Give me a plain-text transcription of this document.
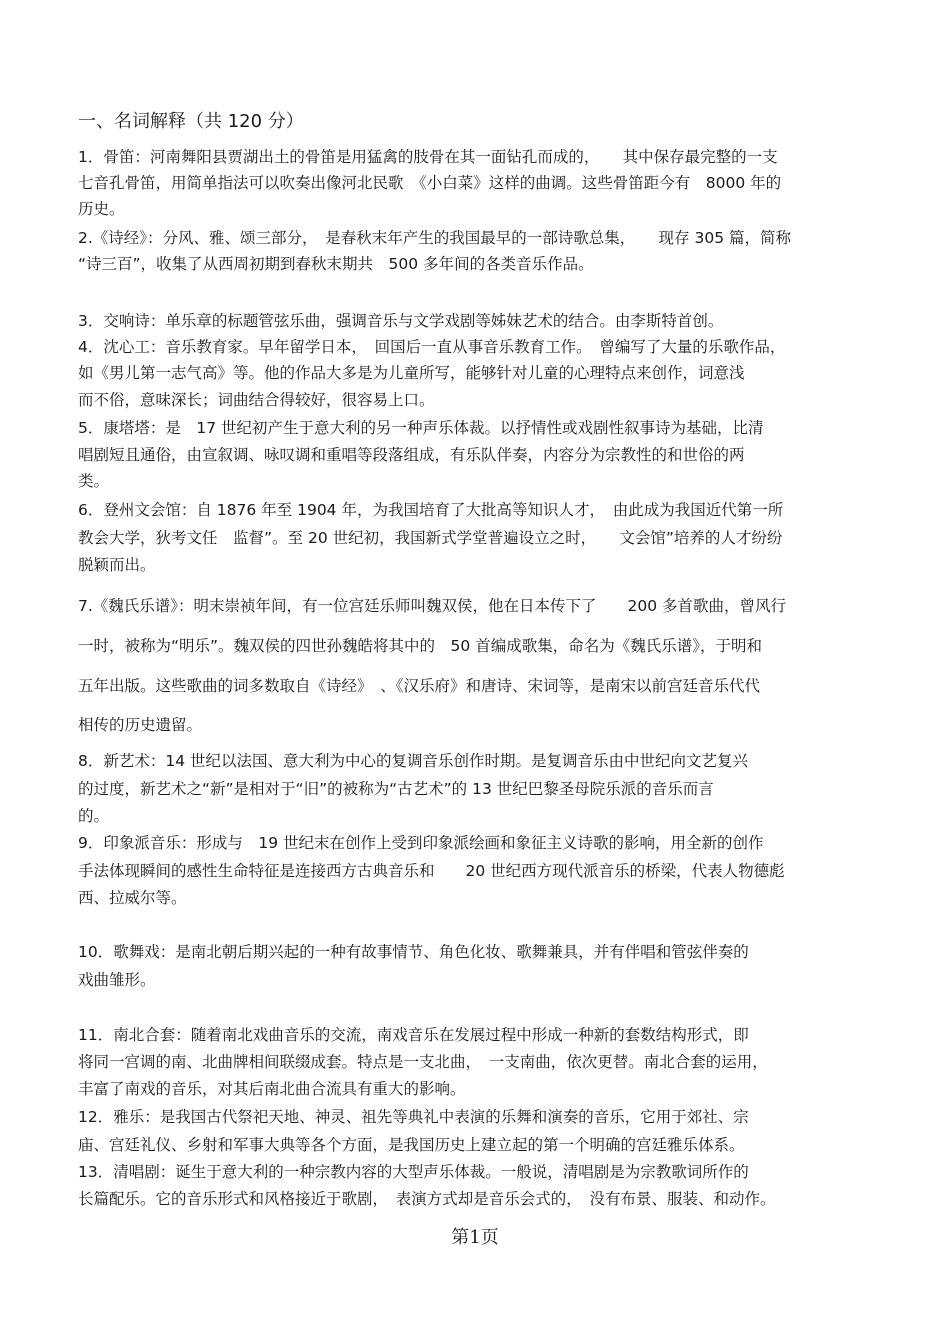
一、名词解释（共 120 分）
1．骨笛：河南舞阳县贾湖出土的骨笛是用猛禽的肢骨在其一面钻孔而成的，　　其中保存最完整的一支
七音孔骨笛，用简单指法可以吹奏出像河北民歌　《小白菜》这样的曲调。这些骨笛距今有　8000 年的
历史。
2.《诗经》：分风、雅、颂三部分，　是春秋末年产生的我国最早的一部诗歌总集，　　现存 305 篇，简称
“诗三百”，收集了从西周初期到春秋末期共　500 多年间的各类音乐作品。
3．交响诗：单乐章的标题管弦乐曲，强调音乐与文学戏剧等姊妹艺术的结合。由李斯特首创。
4．沈心工：音乐教育家。早年留学日本，　回国后一直从事音乐教育工作。　曾编写了大量的乐歌作品，
如《男儿第一志气高》等。他的作品大多是为儿童所写，能够针对儿童的心理特点来创作，词意浅
而不俗，意味深长；词曲结合得较好，很容易上口。
5．康塔塔：是　17 世纪初产生于意大利的另一种声乐体裁。以抒情性或戏剧性叙事诗为基础，比清
唱剧短且通俗，由宣叙调、咏叹调和重唱等段落组成，有乐队伴奏，内容分为宗教性的和世俗的两
类。
6．登州文会馆：自 1876 年至 1904 年，为我国培育了大批高等知识人才，　由此成为我国近代第一所
教会大学，狄考文任　监督”。至 20 世纪初，我国新式学堂普遍设立之时，　　文会馆”培养的人才纷纷
脱颖而出。
7.《魏氏乐谱》：明末崇祯年间，有一位宫廷乐师叫魏双侯，他在日本传下了　　200 多首歌曲，曾风行
一时，被称为“明乐”。魏双侯的四世孙魏皓将其中的　50 首编成歌集，命名为《魏氏乐谱》，于明和
五年出版。这些歌曲的词多数取自《诗经》　、《汉乐府》和唐诗、宋词等，是南宋以前宫廷音乐代代
相传的历史遗留。
8．新艺术：14 世纪以法国、意大利为中心的复调音乐创作时期。是复调音乐由中世纪向文艺复兴
的过度，新艺术之“新”是相对于“旧”的被称为“古艺术”的 13 世纪巴黎圣母院乐派的音乐而言
的。
9．印象派音乐：形成与　19 世纪末在创作上受到印象派绘画和象征主义诗歌的影响，用全新的创作
手法体现瞬间的感性生命特征是连接西方古典音乐和　　20 世纪西方现代派音乐的桥梁，代表人物德彪
西、拉威尔等。
10．歌舞戏：是南北朝后期兴起的一种有故事情节、角色化妆、歌舞兼具，并有伴唱和管弦伴奏的
戏曲雏形。
11．南北合套：随着南北戏曲音乐的交流，南戏音乐在发展过程中形成一种新的套数结构形式，即
将同一宫调的南、北曲牌相间联缀成套。特点是一支北曲，　一支南曲，依次更替。南北合套的运用，
丰富了南戏的音乐，对其后南北曲合流具有重大的影响。
12．雅乐：是我国古代祭祀天地、神灵、祖先等典礼中表演的乐舞和演奏的音乐，它用于郊社、宗
庙、宫廷礼仪、乡射和军事大典等各个方面，是我国历史上建立起的第一个明确的宫廷雅乐体系。
13．清唱剧：诞生于意大利的一种宗教内容的大型声乐体裁。一般说，清唱剧是为宗教歌词所作的
长篇配乐。它的音乐形式和风格接近于歌剧，　表演方式却是音乐会式的，　没有布景、服装、和动作。
第1页
